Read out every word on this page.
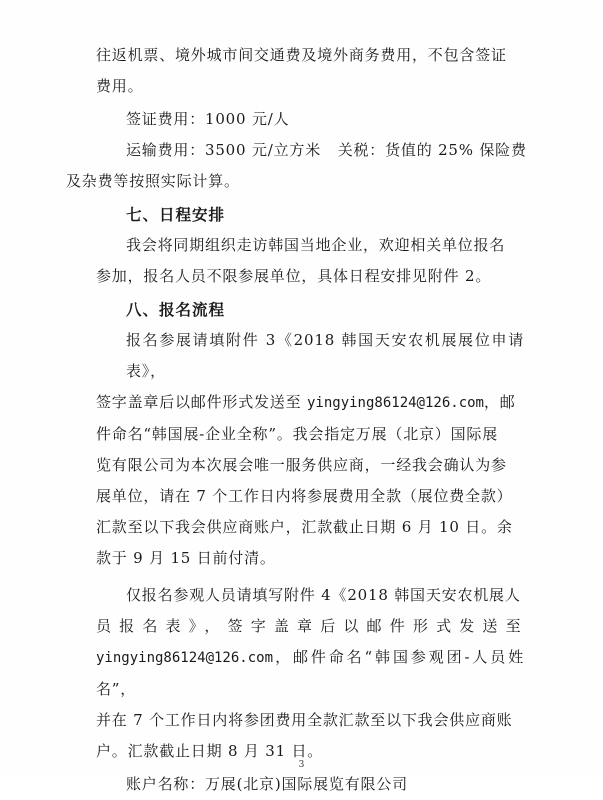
往返机票、境外城市间交通费及境外商务费用，不包含签证
费用。

签证费用：1000 元/人

运输费用：3500 元/立方米   关税：货值的 25% 保险费
及杂费等按照实际计算。

七、日程安排

我会将同期组织走访韩国当地企业，欢迎相关单位报名
参加，报名人员不限参展单位，具体日程安排见附件 2。

八、报名流程

报名参展请填附件 3《2018 韩国天安农机展展位申请表》，
签字盖章后以邮件形式发送至 yingying86124@126.com，邮
件命名“韩国展-企业全称”。我会指定万展（北京）国际展
览有限公司为本次展会唯一服务供应商，一经我会确认为参
展单位，请在 7 个工作日内将参展费用全款（展位费全款）
汇款至以下我会供应商账户，汇款截止日期 6 月 10 日。余
款于 9 月 15 日前付清。

仅报名参观人员请填写附件 4《2018 韩国天安农机展人
员报名表》，签字盖章后以邮件形式发送至
yingying86124@126.com，邮件命名“韩国参观团-人员姓名”，
并在 7 个工作日内将参团费用全款汇款至以下我会供应商账
户。汇款截止日期 8 月 31 日。

账户名称：万展(北京)国际展览有限公司

3
